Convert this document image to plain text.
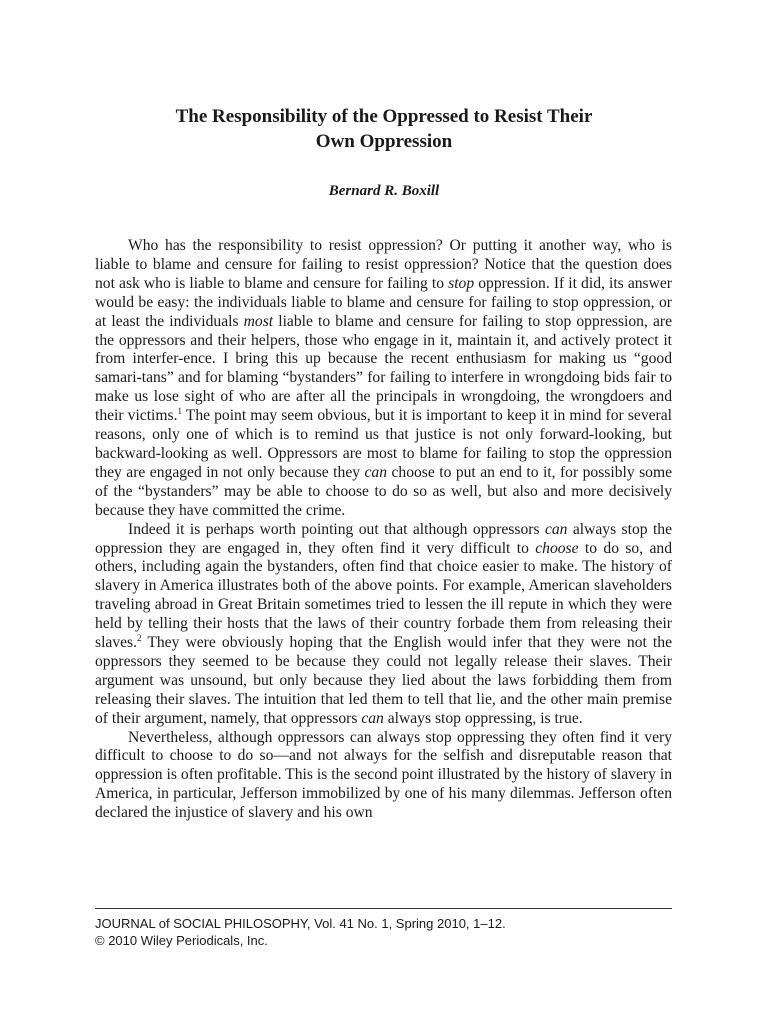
The Responsibility of the Oppressed to Resist Their
Own Oppression
Bernard R. Boxill

Who has the responsibility to resist oppression? Or putting it another way, who is liable to blame and censure for failing to resist oppression? Notice that the question does not ask who is liable to blame and censure for failing to stop oppression. If it did, its answer would be easy: the individuals liable to blame and censure for failing to stop oppression, or at least the individuals most liable to blame and censure for failing to stop oppression, are the oppressors and their helpers, those who engage in it, maintain it, and actively protect it from interfer-ence. I bring this up because the recent enthusiasm for making us “good samari-tans” and for blaming “bystanders” for failing to interfere in wrongdoing bids fair to make us lose sight of who are after all the principals in wrongdoing, the wrongdoers and their victims.$^1$ The point may seem obvious, but it is important to keep it in mind for several reasons, only one of which is to remind us that justice is not only forward-looking, but backward-looking as well. Oppressors are most to blame for failing to stop the oppression they are engaged in not only because they can choose to put an end to it, for possibly some of the “bystanders” may be able to choose to do so as well, but also and more decisively because they have committed the crime.

Indeed it is perhaps worth pointing out that although oppressors can always stop the oppression they are engaged in, they often find it very difficult to choose to do so, and others, including again the bystanders, often find that choice easier to make. The history of slavery in America illustrates both of the above points. For example, American slaveholders traveling abroad in Great Britain sometimes tried to lessen the ill repute in which they were held by telling their hosts that the laws of their country forbade them from releasing their slaves.$^2$ They were obviously hoping that the English would infer that they were not the oppressors they seemed to be because they could not legally release their slaves. Their argument was unsound, but only because they lied about the laws forbidding them from releasing their slaves. The intuition that led them to tell that lie, and the other main premise of their argument, namely, that oppressors can always stop oppressing, is true.

Nevertheless, although oppressors can always stop oppressing they often find it very difficult to choose to do so—and not always for the selfish and disreputable reason that oppression is often profitable. This is the second point illustrated by the history of slavery in America, in particular, Jefferson immobilized by one of his many dilemmas. Jefferson often declared the injustice of slavery and his own

JOURNAL of SOCIAL PHILOSOPHY, Vol. 41 No. 1, Spring 2010, 1–12.
© 2010 Wiley Periodicals, Inc.
